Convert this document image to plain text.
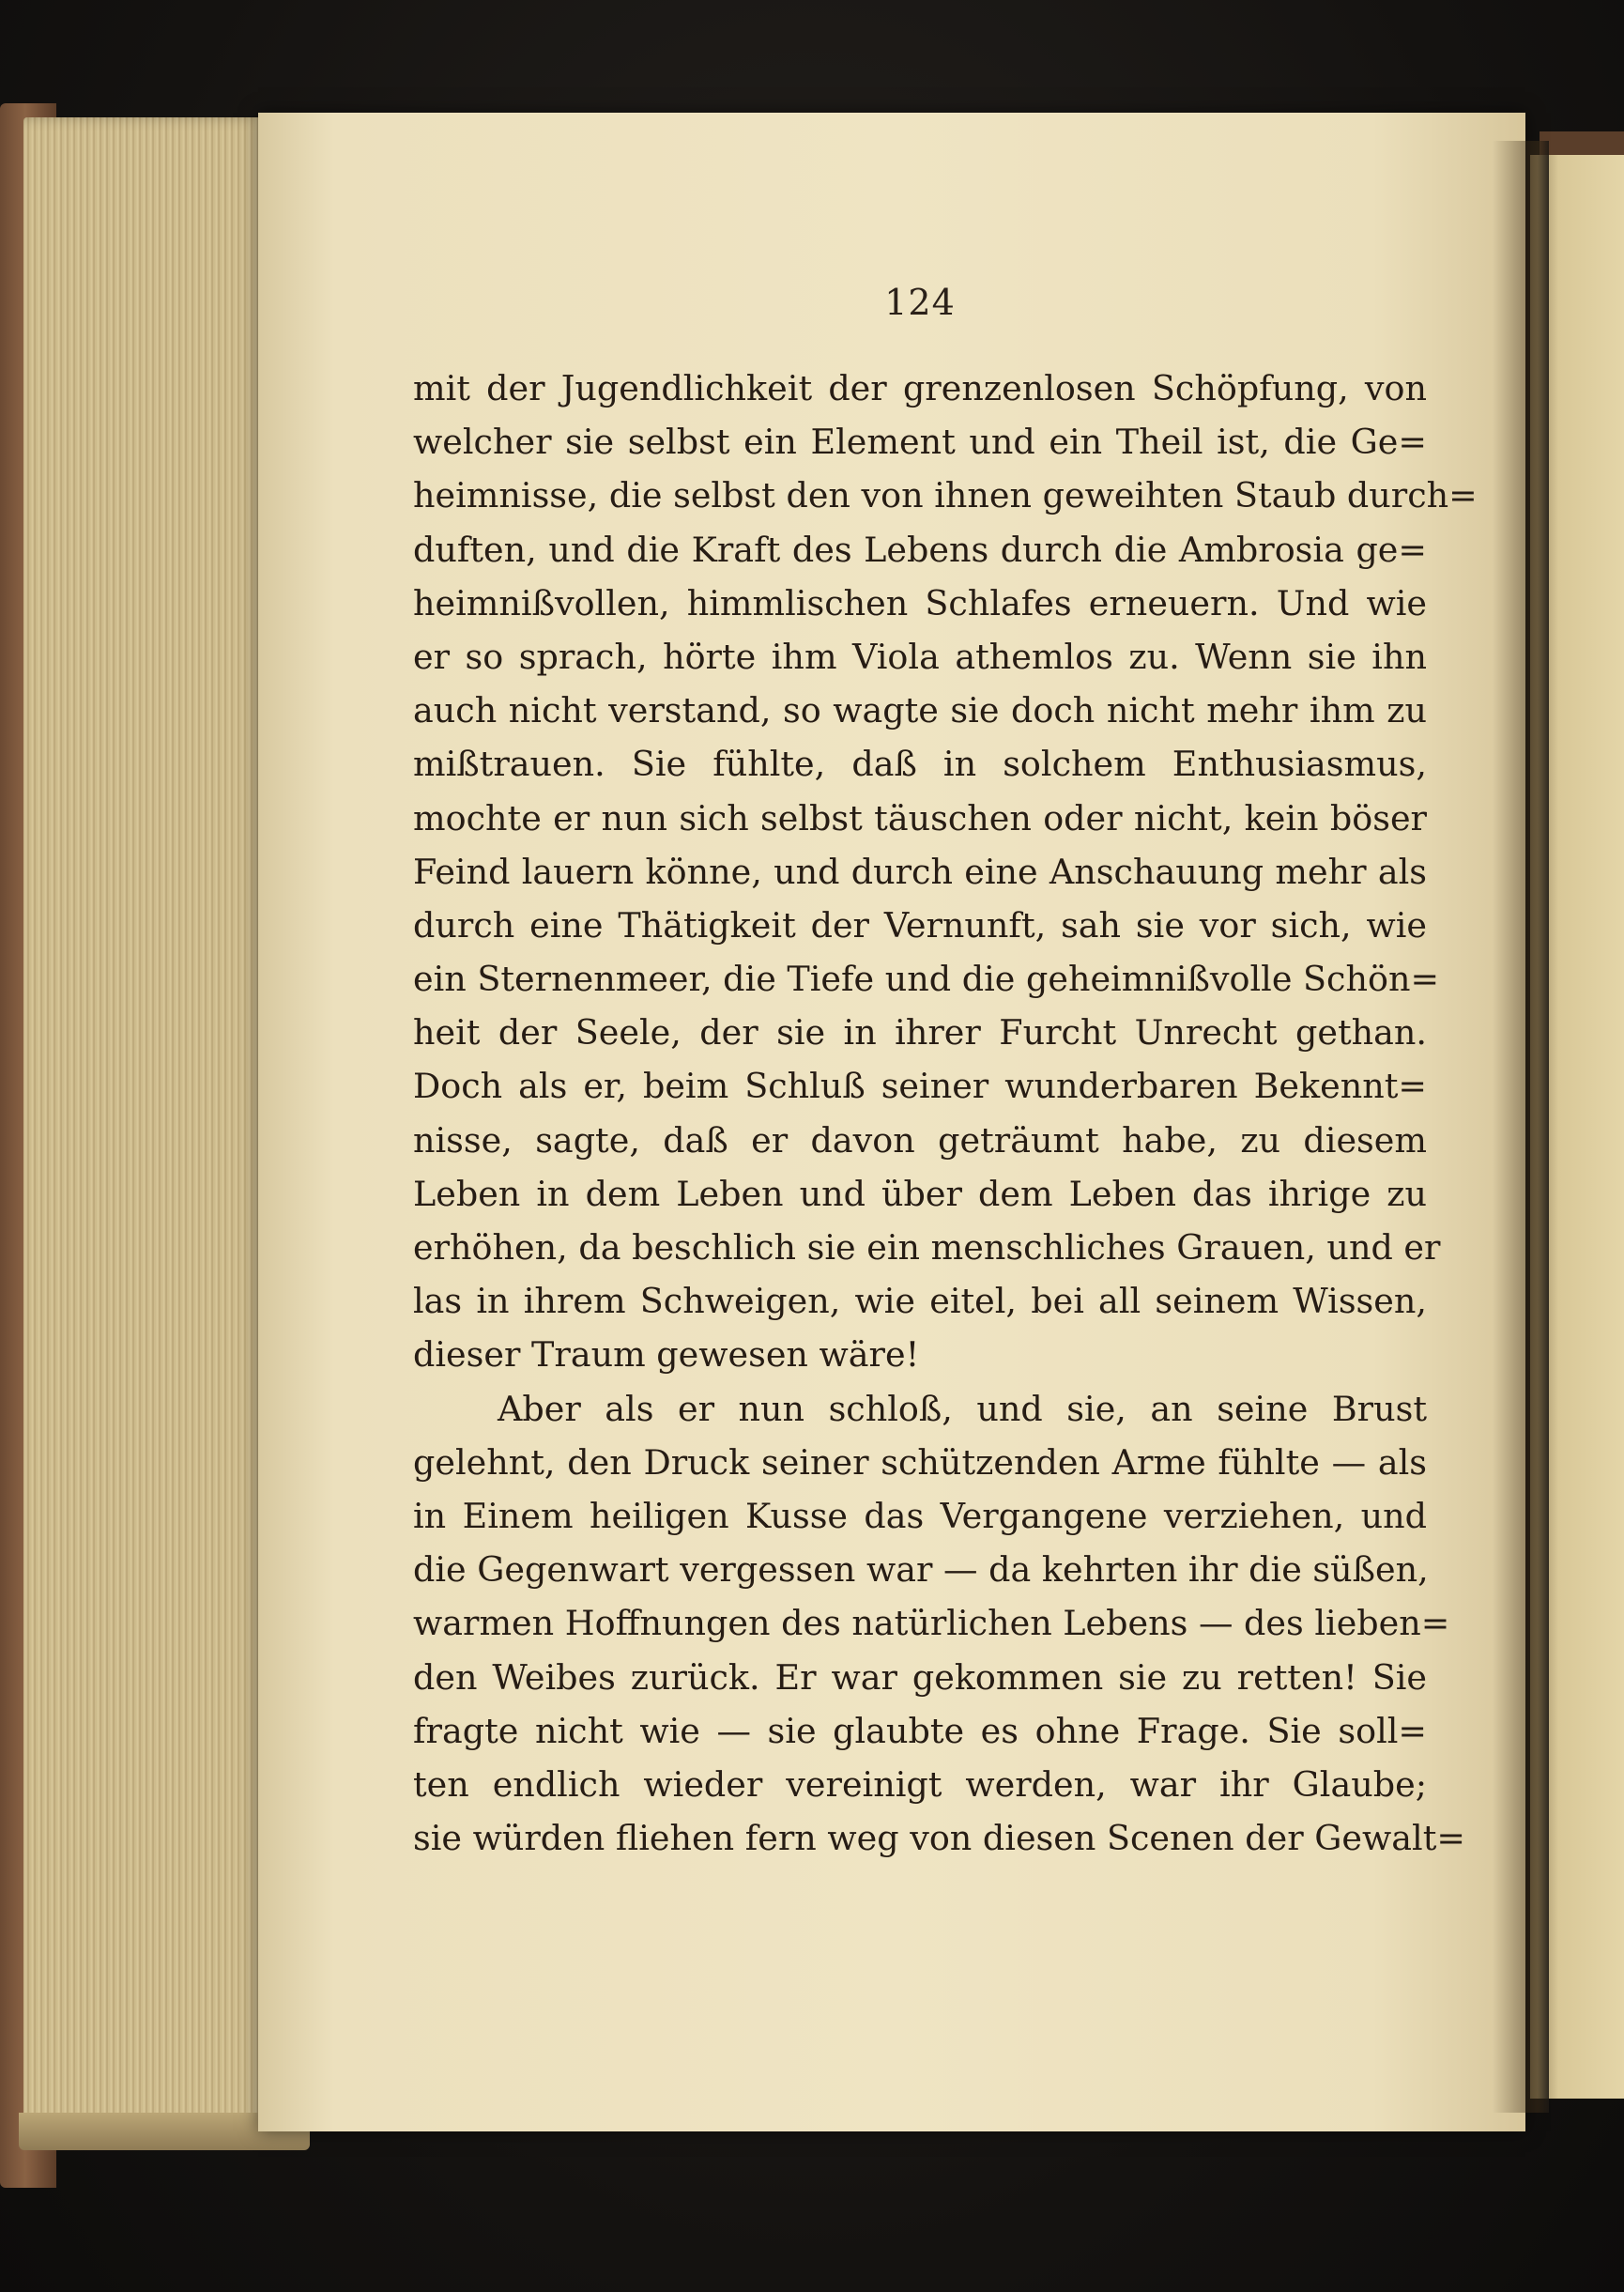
124
mit der Jugendlichkeit der grenzenlosen Schöpfung, von
welcher sie selbst ein Element und ein Theil ist, die Ge=
heimnisse, die selbst den von ihnen geweihten Staub durch=
duften, und die Kraft des Lebens durch die Ambrosia ge=
heimnißvollen, himmlischen Schlafes erneuern. Und wie
er so sprach, hörte ihm Viola athemlos zu. Wenn sie ihn
auch nicht verstand, so wagte sie doch nicht mehr ihm zu
mißtrauen. Sie fühlte, daß in solchem Enthusiasmus,
mochte er nun sich selbst täuschen oder nicht, kein böser
Feind lauern könne, und durch eine Anschauung mehr als
durch eine Thätigkeit der Vernunft, sah sie vor sich, wie
ein Sternenmeer, die Tiefe und die geheimnißvolle Schön=
heit der Seele, der sie in ihrer Furcht Unrecht gethan.
Doch als er, beim Schluß seiner wunderbaren Bekennt=
nisse, sagte, daß er davon geträumt habe, zu diesem
Leben in dem Leben und über dem Leben das ihrige zu
erhöhen, da beschlich sie ein menschliches Grauen, und er
las in ihrem Schweigen, wie eitel, bei all seinem Wissen,
dieser Traum gewesen wäre!
Aber als er nun schloß, und sie, an seine Brust
gelehnt, den Druck seiner schützenden Arme fühlte — als
in Einem heiligen Kusse das Vergangene verziehen, und
die Gegenwart vergessen war — da kehrten ihr die süßen,
warmen Hoffnungen des natürlichen Lebens — des lieben=
den Weibes zurück. Er war gekommen sie zu retten! Sie
fragte nicht wie — sie glaubte es ohne Frage. Sie soll=
ten endlich wieder vereinigt werden, war ihr Glaube;
sie würden fliehen fern weg von diesen Scenen der Gewalt=
